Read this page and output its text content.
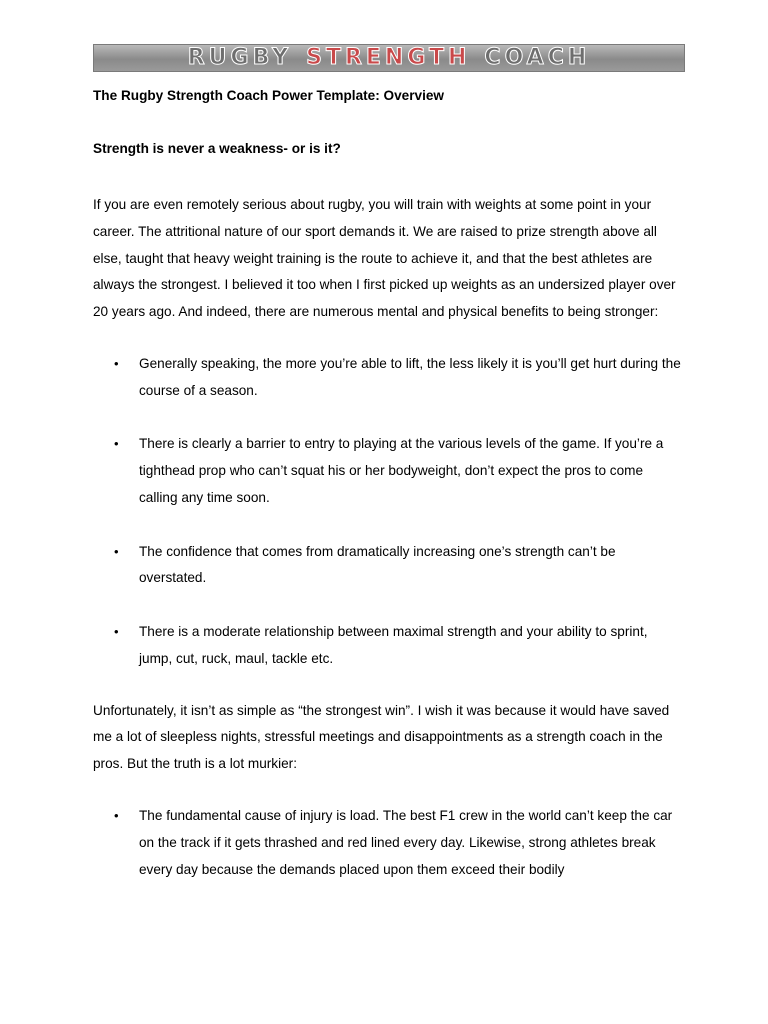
RUGBY STRENGTH COACH

The Rugby Strength Coach Power Template: Overview

Strength is never a weakness- or is it?

If you are even remotely serious about rugby, you will train with weights at some point in your career. The attritional nature of our sport demands it. We are raised to prize strength above all else, taught that heavy weight training is the route to achieve it, and that the best athletes are always the strongest. I believed it too when I first picked up weights as an undersized player over 20 years ago. And indeed, there are numerous mental and physical benefits to being stronger:

• Generally speaking, the more you’re able to lift, the less likely it is you’ll get hurt during the course of a season.
• There is clearly a barrier to entry to playing at the various levels of the game. If you’re a tighthead prop who can’t squat his or her bodyweight, don’t expect the pros to come calling any time soon.
• The confidence that comes from dramatically increasing one’s strength can’t be overstated.
• There is a moderate relationship between maximal strength and your ability to sprint, jump, cut, ruck, maul, tackle etc.

Unfortunately, it isn’t as simple as “the strongest win”. I wish it was because it would have saved me a lot of sleepless nights, stressful meetings and disappointments as a strength coach in the pros. But the truth is a lot murkier:

• The fundamental cause of injury is load. The best F1 crew in the world can’t keep the car on the track if it gets thrashed and red lined every day. Likewise, strong athletes break every day because the demands placed upon them exceed their bodily
